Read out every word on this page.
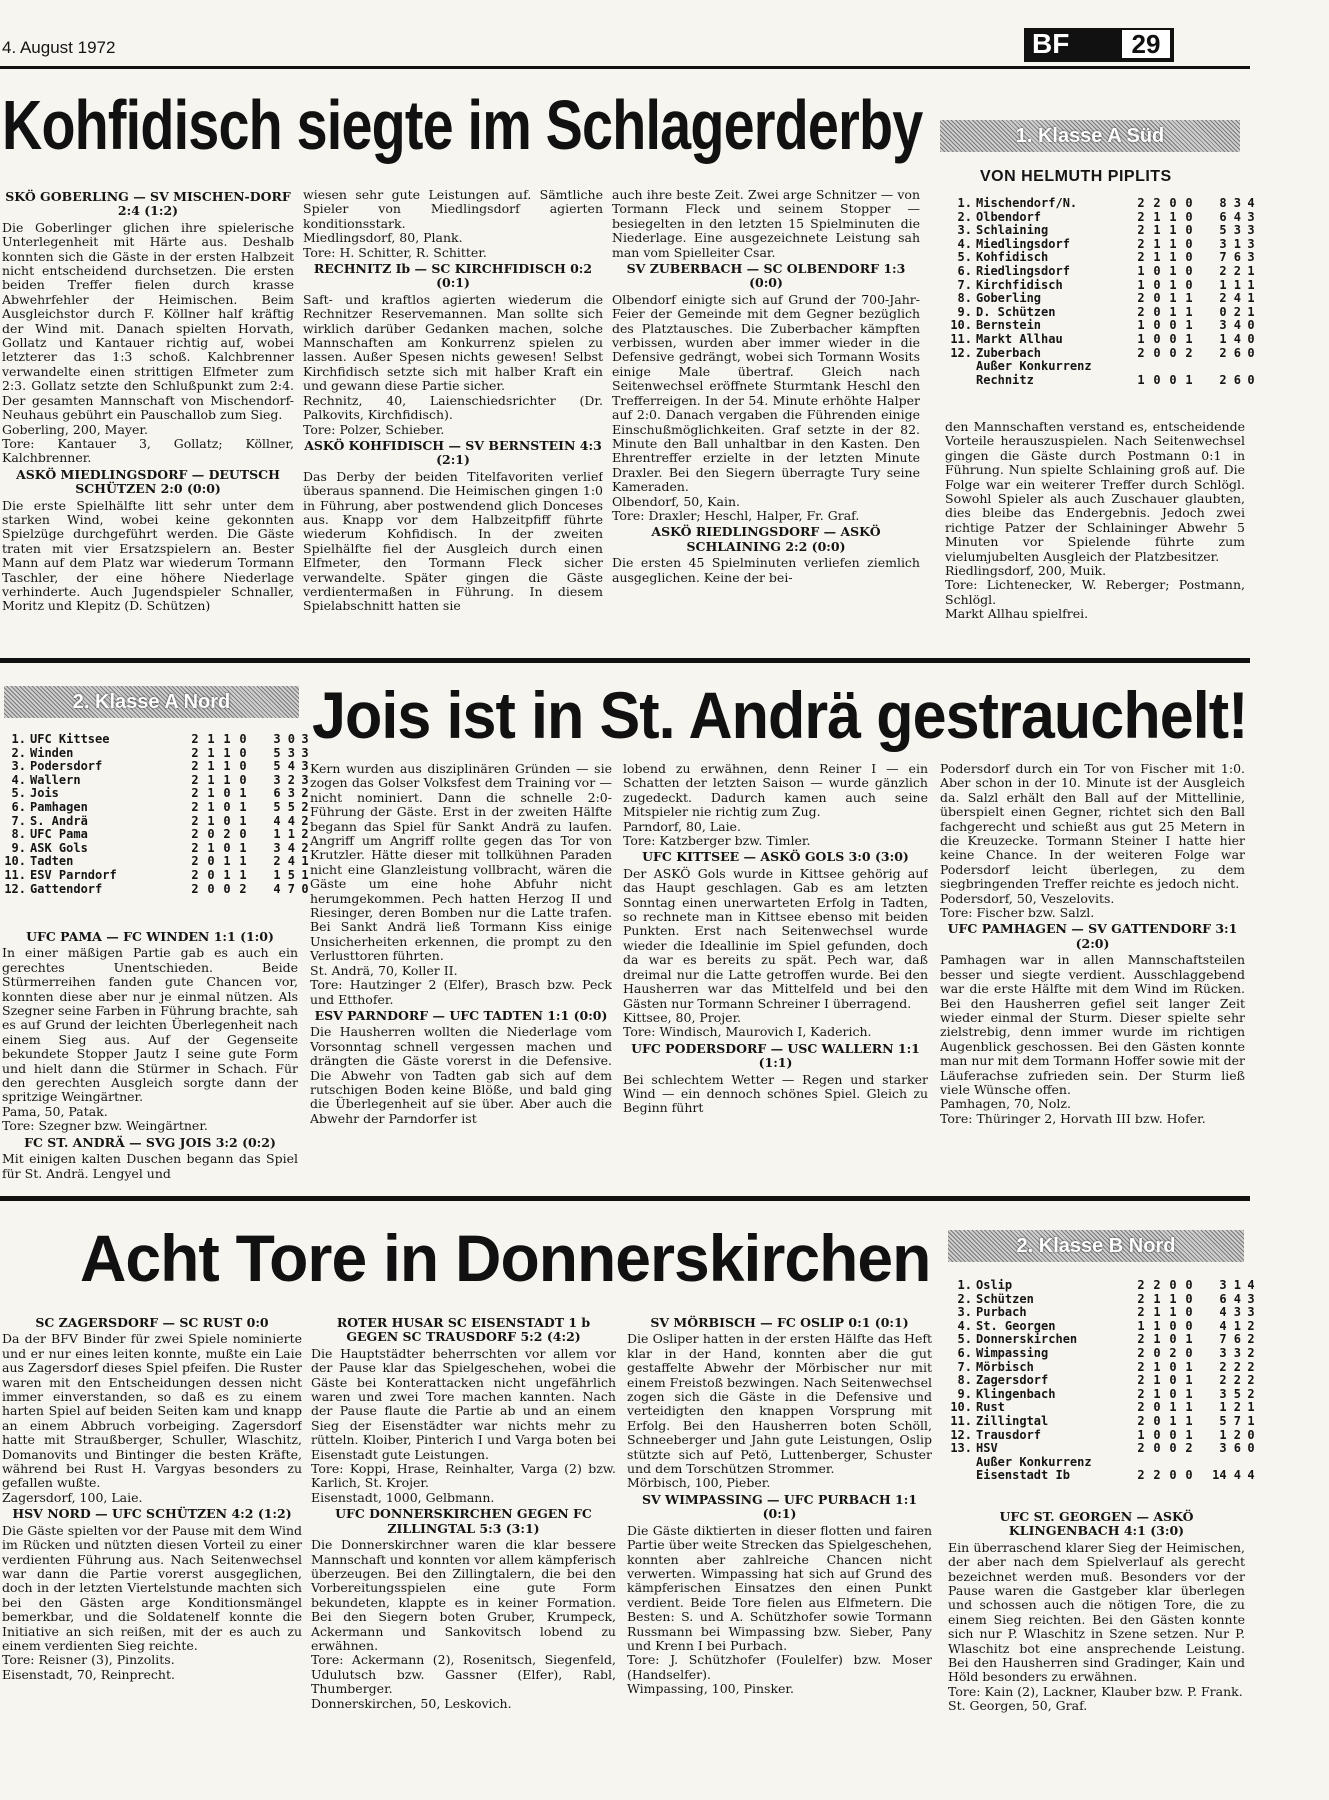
4. August 1972	BF	29
Kohfidisch siegte im Schlagerderby

SKÖ GOBERLING — SV MISCHEN-DORF 2:4 (1:2)

Die Goberlinger glichen ihre spielerische Unterlegenheit mit Härte aus. Deshalb konnten sich die Gäste in der ersten Halbzeit nicht entscheidend durchsetzen. Die ersten beiden Treffer fielen durch krasse Abwehrfehler der Heimischen. Beim Ausgleichstor durch F. Köllner half kräftig der Wind mit. Danach spielten Horvath, Gollatz und Kantauer richtig auf, wobei letzterer das 1:3 schoß. Kalchbrenner verwandelte einen strittigen Elfmeter zum 2:3. Gollatz setzte den Schlußpunkt zum 2:4. Der gesamten Mannschaft von Mischendorf-Neuhaus gebührt ein Pauschallob zum Sieg.

Goberling, 200, Mayer.

Tore: Kantauer 3, Gollatz; Köllner, Kalchbrenner.

ASKÖ MIEDLINGSDORF — DEUTSCH SCHÜTZEN 2:0 (0:0)

Die erste Spielhälfte litt sehr unter dem starken Wind, wobei keine gekonnten Spielzüge durchgeführt werden. Die Gäste traten mit vier Ersatzspielern an. Bester Mann auf dem Platz war wiederum Tormann Taschler, der eine höhere Niederlage verhinderte. Auch Jugendspieler Schnaller, Moritz und Klepitz (D. Schützen)

wiesen sehr gute Leistungen auf. Sämtliche Spieler von Miedlingsdorf agierten konditionsstark.

Miedlingsdorf, 80, Plank.

Tore: H. Schitter, R. Schitter.

RECHNITZ Ib — SC KIRCHFIDISCH 0:2 (0:1)

Saft- und kraftlos agierten wiederum die Rechnitzer Reservemannen. Man sollte sich wirklich darüber Gedanken machen, solche Mannschaften am Konkurrenz spielen zu lassen. Außer Spesen nichts gewesen! Selbst Kirchfidisch setzte sich mit halber Kraft ein und gewann diese Partie sicher.

Rechnitz, 40, Laienschiedsrichter (Dr. Palkovits, Kirchfidisch).

Tore: Polzer, Schieber.

ASKÖ KOHFIDISCH — SV BERNSTEIN 4:3 (2:1)

Das Derby der beiden Titelfavoriten verlief überaus spannend. Die Heimischen gingen 1:0 in Führung, aber postwendend glich Donceses aus. Knapp vor dem Halbzeitpfiff führte wiederum Kohfidisch. In der zweiten Spielhälfte fiel der Ausgleich durch einen Elfmeter, den Tormann Fleck sicher verwandelte. Später gingen die Gäste verdientermaßen in Führung. In diesem Spielabschnitt hatten sie

auch ihre beste Zeit. Zwei arge Schnitzer — von Tormann Fleck und seinem Stopper — besiegelten in den letzten 15 Spielminuten die Niederlage. Eine ausgezeichnete Leistung sah man vom Spielleiter Csar.

SV ZUBERBACH — SC OLBENDORF 1:3 (0:0)

Olbendorf einigte sich auf Grund der 700-Jahr-Feier der Gemeinde mit dem Gegner bezüglich des Platztausches. Die Zuberbacher kämpften verbissen, wurden aber immer wieder in die Defensive gedrängt, wobei sich Tormann Wosits einige Male übertraf. Gleich nach Seitenwechsel eröffnete Sturmtank Heschl den Trefferreigen. In der 54. Minute erhöhte Halper auf 2:0. Danach vergaben die Führenden einige Einschußmöglichkeiten. Graf setzte in der 82. Minute den Ball unhaltbar in den Kasten. Den Ehrentreffer erzielte in der letzten Minute Draxler. Bei den Siegern überragte Tury seine Kameraden.

Olbendorf, 50, Kain.

Tore: Draxler; Heschl, Halper, Fr. Graf.

ASKÖ RIEDLINGSDORF — ASKÖ SCHLAINING 2:2 (0:0)

Die ersten 45 Spielminuten verliefen ziemlich ausgeglichen. Keine der bei-

1. Klasse A Süd
VON HELMUTH PIPLITS
1.	Mischendorf/N.	2	2	0	0	8 3	4
2.	Olbendorf	2	1	1	0	6 4	3
3.	Schlaining	2	1	1	0	5 3	3
4.	Miedlingsdorf	2	1	1	0	3 1	3
5.	Kohfidisch	2	1	1	0	7 6	3
6.	Riedlingsdorf	1	0	1	0	2 2	1
7.	Kirchfidisch	1	0	1	0	1 1	1
8.	Goberling	2	0	1	1	2 4	1
9.	D. Schützen	2	0	1	1	0 2	1
10.	Bernstein	1	0	0	1	3 4	0
11.	Markt Allhau	1	0	0	1	1 4	0
12.	Zuberbach	2	0	0	2	2 6	0
	Außer Konkurrenz						
	Rechnitz	1	0	0	1	2 6	0

den Mannschaften verstand es, entscheidende Vorteile herauszuspielen. Nach Seitenwechsel gingen die Gäste durch Postmann 0:1 in Führung. Nun spielte Schlaining groß auf. Die Folge war ein weiterer Treffer durch Schlögl. Sowohl Spieler als auch Zuschauer glaubten, dies bleibe das Endergebnis. Jedoch zwei richtige Patzer der Schlaininger Abwehr 5 Minuten vor Spielende führte zum vielumjubelten Ausgleich der Platzbesitzer.

Riedlingsdorf, 200, Muik.

Tore: Lichtenecker, W. Reberger; Postmann, Schlögl.

Markt Allhau spielfrei.

2. Klasse A Nord
1.	UFC Kittsee	2	1	1	0	3 0	3
2.	Winden	2	1	1	0	5 3	3
3.	Podersdorf	2	1	1	0	5 4	3
4.	Wallern	2	1	1	0	3 2	3
5.	Jois	2	1	0	1	6 3	2
6.	Pamhagen	2	1	0	1	5 5	2
7.	S. Andrä	2	1	0	1	4 4	2
8.	UFC Pama	2	0	2	0	1 1	2
9.	ASK Gols	2	1	0	1	3 4	2
10.	Tadten	2	0	1	1	2 4	1
11.	ESV Parndorf	2	0	1	1	1 5	1
12.	Gattendorf	2	0	0	2	4 7	0
Jois ist in St. Andrä gestrauchelt!

UFC PAMA — FC WINDEN 1:1 (1:0)

In einer mäßigen Partie gab es auch ein gerechtes Unentschieden. Beide Stürmerreihen fanden gute Chancen vor, konnten diese aber nur je einmal nützen. Als Szegner seine Farben in Führung brachte, sah es auf Grund der leichten Überlegenheit nach einem Sieg aus. Auf der Gegenseite bekundete Stopper Jautz I seine gute Form und hielt dann die Stürmer in Schach. Für den gerechten Ausgleich sorgte dann der spritzige Weingärtner.

Pama, 50, Patak.

Tore: Szegner bzw. Weingärtner.

FC ST. ANDRÄ — SVG JOIS 3:2 (0:2)

Mit einigen kalten Duschen begann das Spiel für St. Andrä. Lengyel und

Kern wurden aus disziplinären Gründen — sie zogen das Golser Volksfest dem Training vor — nicht nominiert. Dann die schnelle 2:0-Führung der Gäste. Erst in der zweiten Hälfte begann das Spiel für Sankt Andrä zu laufen. Angriff um Angriff rollte gegen das Tor von Krutzler. Hätte dieser mit tollkühnen Paraden nicht eine Glanzleistung vollbracht, wären die Gäste um eine hohe Abfuhr nicht herumgekommen. Pech hatten Herzog II und Riesinger, deren Bomben nur die Latte trafen. Bei Sankt Andrä ließ Tormann Kiss einige Unsicherheiten erkennen, die prompt zu den Verlusttoren führten.

St. Andrä, 70, Koller II.

Tore: Hautzinger 2 (Elfer), Brasch bzw. Peck und Etthofer.

ESV PARNDORF — UFC TADTEN 1:1 (0:0)

Die Hausherren wollten die Niederlage vom Vorsonntag schnell vergessen machen und drängten die Gäste vorerst in die Defensive. Die Abwehr von Tadten gab sich auf dem rutschigen Boden keine Blöße, und bald ging die Überlegenheit auf sie über. Aber auch die Abwehr der Parndorfer ist

lobend zu erwähnen, denn Reiner I — ein Schatten der letzten Saison — wurde gänzlich zugedeckt. Dadurch kamen auch seine Mitspieler nie richtig zum Zug.

Parndorf, 80, Laie.

Tore: Katzberger bzw. Timler.

UFC KITTSEE — ASKÖ GOLS 3:0 (3:0)

Der ASKÖ Gols wurde in Kittsee gehörig auf das Haupt geschlagen. Gab es am letzten Sonntag einen unerwarteten Erfolg in Tadten, so rechnete man in Kittsee ebenso mit beiden Punkten. Erst nach Seitenwechsel wurde wieder die Ideallinie im Spiel gefunden, doch da war es bereits zu spät. Pech war, daß dreimal nur die Latte getroffen wurde. Bei den Hausherren war das Mittelfeld und bei den Gästen nur Tormann Schreiner I überragend.

Kittsee, 80, Projer.

Tore: Windisch, Maurovich I, Kaderich.

UFC PODERSDORF — USC WALLERN 1:1 (1:1)

Bei schlechtem Wetter — Regen und starker Wind — ein dennoch schönes Spiel. Gleich zu Beginn führt

Podersdorf durch ein Tor von Fischer mit 1:0. Aber schon in der 10. Minute ist der Ausgleich da. Salzl erhält den Ball auf der Mittellinie, überspielt einen Gegner, richtet sich den Ball fachgerecht und schießt aus gut 25 Metern in die Kreuzecke. Tormann Steiner I hatte hier keine Chance. In der weiteren Folge war Podersdorf leicht überlegen, zu dem siegbringenden Treffer reichte es jedoch nicht.

Podersdorf, 50, Veszelovits.

Tore: Fischer bzw. Salzl.

UFC PAMHAGEN — SV GATTENDORF 3:1 (2:0)

Pamhagen war in allen Mannschaftsteilen besser und siegte verdient. Ausschlaggebend war die erste Hälfte mit dem Wind im Rücken. Bei den Hausherren gefiel seit langer Zeit wieder einmal der Sturm. Dieser spielte sehr zielstrebig, denn immer wurde im richtigen Augenblick geschossen. Bei den Gästen konnte man nur mit dem Tormann Hoffer sowie mit der Läuferachse zufrieden sein. Der Sturm ließ viele Wünsche offen.

Pamhagen, 70, Nolz.

Tore: Thüringer 2, Horvath III bzw. Hofer.

Acht Tore in Donnerskirchen	2. Klasse B Nord
1.	Oslip	2	2	0	0	3 1	4
2.	Schützen	2	1	1	0	6 4	3
3.	Purbach	2	1	1	0	4 3	3
4.	St. Georgen	1	1	0	0	4 1	2
5.	Donnerskirchen	2	1	0	1	7 6	2
6.	Wimpassing	2	0	2	0	3 3	2
7.	Mörbisch	2	1	0	1	2 2	2
8.	Zagersdorf	2	1	0	1	2 2	2
9.	Klingenbach	2	1	0	1	3 5	2
10.	Rust	2	0	1	1	1 2	1
11.	Zillingtal	2	0	1	1	5 7	1
12.	Trausdorf	1	0	0	1	1 2	0
13.	HSV	2	0	0	2	3 6	0
	Außer Konkurrenz						
	Eisenstadt Ib	2	2	0	0	14 4	4

SC ZAGERSDORF — SC RUST 0:0

Da der BFV Binder für zwei Spiele nominierte und er nur eines leiten konnte, mußte ein Laie aus Zagersdorf dieses Spiel pfeifen. Die Ruster waren mit den Entscheidungen dessen nicht immer einverstanden, so daß es zu einem harten Spiel auf beiden Seiten kam und knapp an einem Abbruch vorbeiging. Zagersdorf hatte mit Straußberger, Schuller, Wlaschitz, Domanovits und Bintinger die besten Kräfte, während bei Rust H. Vargyas besonders zu gefallen wußte.

Zagersdorf, 100, Laie.

HSV NORD — UFC SCHÜTZEN 4:2 (1:2)

Die Gäste spielten vor der Pause mit dem Wind im Rücken und nützten diesen Vorteil zu einer verdienten Führung aus. Nach Seitenwechsel war dann die Partie vorerst ausgeglichen, doch in der letzten Viertelstunde machten sich bei den Gästen arge Konditionsmängel bemerkbar, und die Soldatenelf konnte die Initiative an sich reißen, mit der es auch zu einem verdienten Sieg reichte.

Tore: Reisner (3), Pinzolits.

Eisenstadt, 70, Reinprecht.

ROTER HUSAR SC EISENSTADT 1 b GEGEN SC TRAUSDORF 5:2 (4:2)

Die Hauptstädter beherrschten vor allem vor der Pause klar das Spielgeschehen, wobei die Gäste bei Konterattacken nicht ungefährlich waren und zwei Tore machen kannten. Nach der Pause flaute die Partie ab und an einem Sieg der Eisenstädter war nichts mehr zu rütteln. Kloiber, Pinterich I und Varga boten bei Eisenstadt gute Leistungen.

Tore: Koppi, Hrase, Reinhalter, Varga (2) bzw. Karlich, St. Krojer.

Eisenstadt, 1000, Gelbmann.

UFC DONNERSKIRCHEN GEGEN FC ZILLINGTAL 5:3 (3:1)

Die Donnerskirchner waren die klar bessere Mannschaft und konnten vor allem kämpferisch überzeugen. Bei den Zillingtalern, die bei den Vorbereitungsspielen eine gute Form bekundeten, klappte es in keiner Formation. Bei den Siegern boten Gruber, Krumpeck, Ackermann und Sankovitsch lobend zu erwähnen.

Tore: Ackermann (2), Rosenitsch, Siegenfeld, Udulutsch bzw. Gassner (Elfer), Rabl, Thumberger.

Donnerskirchen, 50, Leskovich.

SV MÖRBISCH — FC OSLIP 0:1 (0:1)

Die Osliper hatten in der ersten Hälfte das Heft klar in der Hand, konnten aber die gut gestaffelte Abwehr der Mörbischer nur mit einem Freistoß bezwingen. Nach Seitenwechsel zogen sich die Gäste in die Defensive und verteidigten den knappen Vorsprung mit Erfolg. Bei den Hausherren boten Schöll, Schneeberger und Jahn gute Leistungen, Oslip stützte sich auf Petö, Luttenberger, Schuster und dem Torschützen Strommer.

Mörbisch, 100, Pieber.

SV WIMPASSING — UFC PURBACH 1:1 (0:1)

Die Gäste diktierten in dieser flotten und fairen Partie über weite Strecken das Spielgeschehen, konnten aber zahlreiche Chancen nicht verwerten. Wimpassing hat sich auf Grund des kämpferischen Einsatzes den einen Punkt verdient. Beide Tore fielen aus Elfmetern. Die Besten: S. und A. Schützhofer sowie Tormann Russmann bei Wimpassing bzw. Sieber, Pany und Krenn I bei Purbach.

Tore: J. Schützhofer (Foulelfer) bzw. Moser (Handselfer).

Wimpassing, 100, Pinsker.

UFC ST. GEORGEN — ASKÖ KLINGENBACH 4:1 (3:0)

Ein überraschend klarer Sieg der Heimischen, der aber nach dem Spielverlauf als gerecht bezeichnet werden muß. Besonders vor der Pause waren die Gastgeber klar überlegen und schossen auch die nötigen Tore, die zu einem Sieg reichten. Bei den Gästen konnte sich nur P. Wlaschitz in Szene setzen. Nur P. Wlaschitz bot eine ansprechende Leistung. Bei den Hausherren sind Gradinger, Kain und Höld besonders zu erwähnen.

Tore: Kain (2), Lackner, Klauber bzw. P. Frank.

St. Georgen, 50, Graf.
